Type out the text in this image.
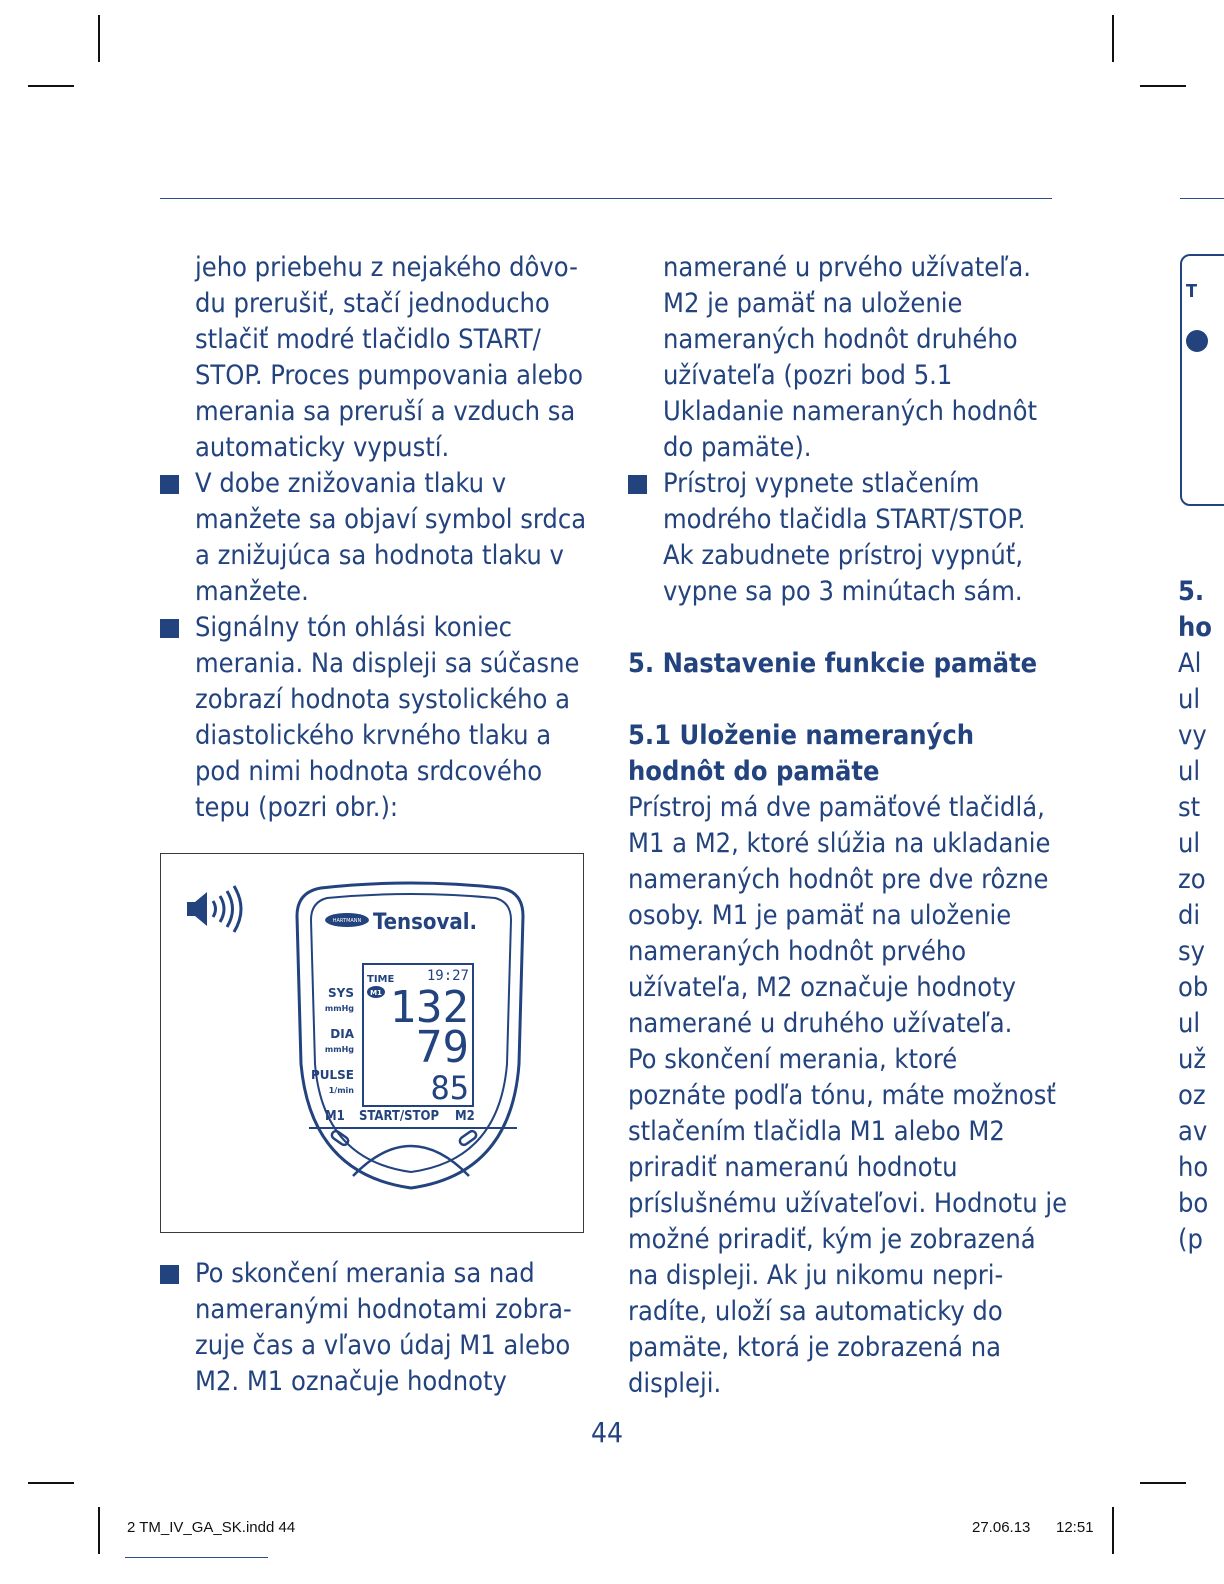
jeho priebehu z nejakého dôvo-
du prerušiť, stačí jednoducho
stlačiť modré tlačidlo START/
STOP. Proces pumpovania alebo
merania sa preruší a vzduch sa
automaticky vypustí.

V dobe znižovania tlaku v
manžete sa objaví symbol srdca
a znižujúca sa hodnota tlaku v
manžete.

Signálny tón ohlási koniec
merania. Na displeji sa súčasne
zobrazí hodnota systolického a
diastolického krvného tlaku a
pod nimi hodnota srdcového
tepu (pozri obr.):

HARTMANN Tensoval.
SYS
mmHg
DIA
mmHg
PULSE
1/min
TIME
M1
19:27
132
79
85
M1 START/STOP M2

Po skončení merania sa nad
nameranými hodnotami zobra-
zuje čas a vľavo údaj M1 alebo
M2. M1 označuje hodnoty

namerané u prvého užívateľa.
M2 je pamäť na uloženie
nameraných hodnôt druhého
užívateľa (pozri bod 5.1
Ukladanie nameraných hodnôt
do pamäte).

Prístroj vypnete stlačením
modrého tlačidla START/STOP.
Ak zabudnete prístroj vypnúť,
vypne sa po 3 minútach sám.

5. Nastavenie funkcie pamäte

5.1 Uloženie nameraných
hodnôt do pamäte

Prístroj má dve pamäťové tlačidlá,
M1 a M2, ktoré slúžia na ukladanie
nameraných hodnôt pre dve rôzne
osoby. M1 je pamäť na uloženie
nameraných hodnôt prvého
užívateľa, M2 označuje hodnoty
namerané u druhého užívateľa.
Po skončení merania, ktoré
poznáte podľa tónu, máte možnosť
stlačením tlačidla M1 alebo M2
priradiť nameranú hodnotu
príslušnému užívateľovi. Hodnotu je
možné priradiť, kým je zobrazená
na displeji. Ak ju nikomu nepri-
radíte, uloží sa automaticky do
pamäte, ktorá je zobrazená na
displeji.

44
T
5.
ho
Al
ul
vy
ul
st
ul
zo
di
sy
ob
ul
už
oz
av
ho
bo
(p
2 TM_IV_GA_SK.indd 44	27.06.13 12:51
